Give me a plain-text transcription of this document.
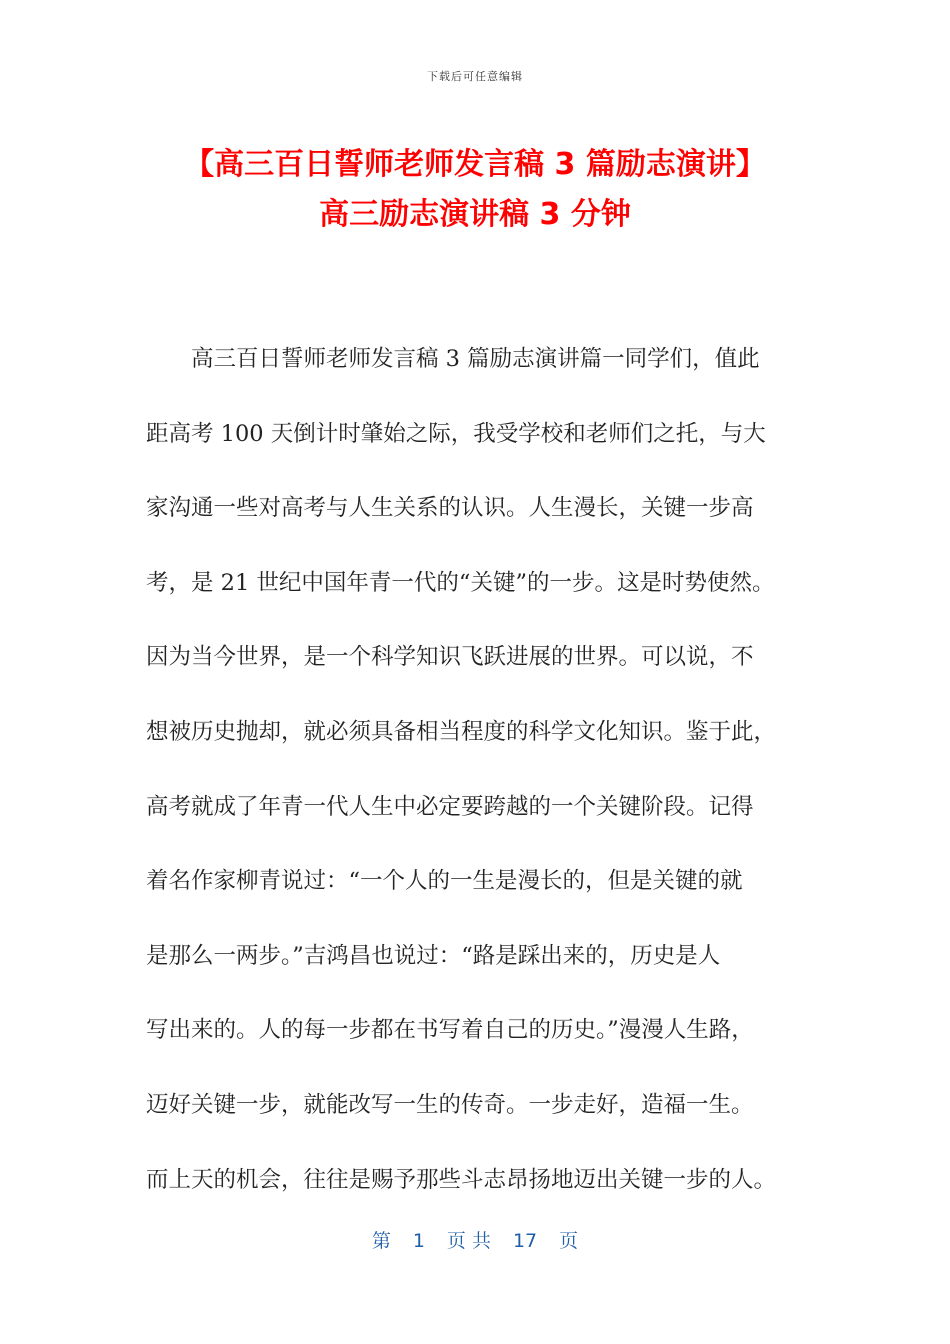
下载后可任意编辑
【高三百日誓师老师发言稿 3 篇励志演讲】
高三励志演讲稿 3 分钟
高三百日誓师老师发言稿 3 篇励志演讲篇一同学们，值此
距高考 100 天倒计时肇始之际，我受学校和老师们之托，与大
家沟通一些对高考与人生关系的认识。人生漫长，关键一步高
考，是 21 世纪中国年青一代的“关键”的一步。这是时势使然。
因为当今世界，是一个科学知识飞跃进展的世界。可以说，不
想被历史抛却，就必须具备相当程度的科学文化知识。鉴于此，
高考就成了年青一代人生中必定要跨越的一个关键阶段。记得
着名作家柳青说过：“一个人的一生是漫长的，但是关键的就
是那么一两步。”吉鸿昌也说过：“路是踩出来的，历史是人
写出来的。人的每一步都在书写着自己的历史。”漫漫人生路，
迈好关键一步，就能改写一生的传奇。一步走好，造福一生。
而上天的机会，往往是赐予那些斗志昂扬地迈出关键一步的人。
第 1 页 共 17 页
